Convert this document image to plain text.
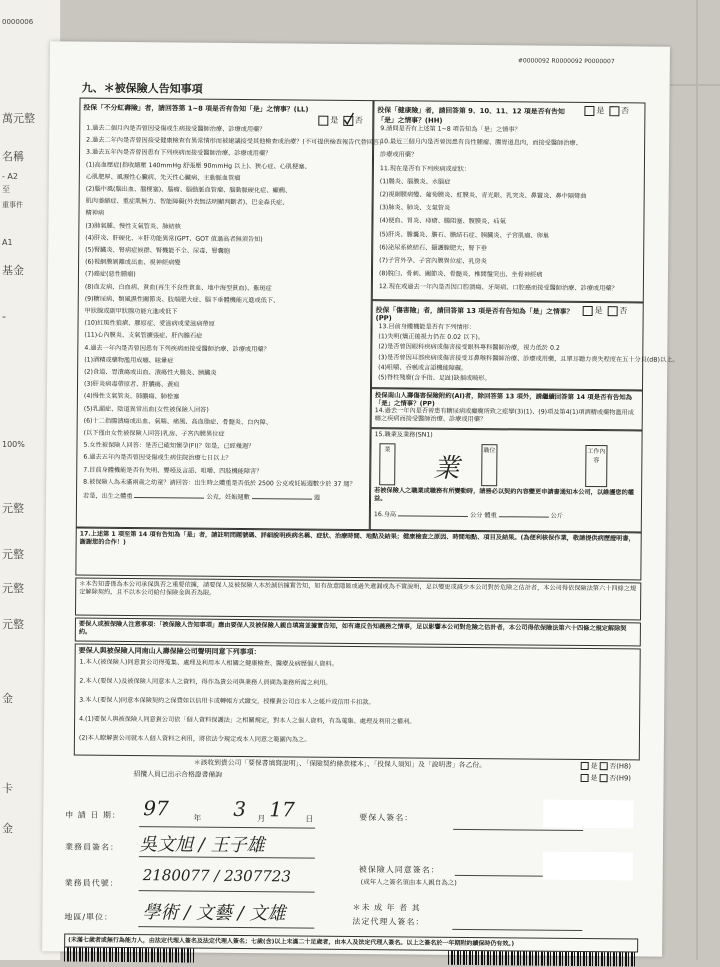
0000006
萬元整
名稱
- A2
至
重事件
A1
基金
-
元整
元整
100%
元整
元整
金
卡
金
#0000092 R0000092 P0000007
九、＊被保險人告知事項
投保「不分紅壽險」者，請回答第 1~8 項是否有告知「是」之情事？(LL)
是 否
1.過去二個月內是否曾因受傷或生病接受醫師治療、診療或用藥？
2.過去二年內是否曾因接受健康檢查有異常情形而被建議接受其他檢查或治療？(不可提供檢查報告代替回答)
3.過去五年內是否曾因患有下列疾病而接受醫師治療、診療或用藥？
(1)高血壓症(指收縮壓 140mmHg 舒張壓 90mmHg 以上)、狹心症、心肌梗塞、
心肌肥厚、風濕性心臟病、先天性心臟病、主動脈血管瘤
(2)腦中風(腦出血、腦梗塞)、腦瘤、腦動脈血管瘤、腦動脈硬化症、癲癇、
肌肉萎縮症、重症肌無力、智能障礙(外表無法明顯判斷者)、巴金森氏症、
精神病
(3)肺氣腫、慢性支氣管炎、肺結核
(4)肝炎、肝硬化、＊肝功能異常(GPT、GOT 值過高者無須告知)
(5)腎臟炎、腎病症候群、腎機能不全、尿毒、腎囊胞
(6)視網膜剝離或出血、視神經病變
(7)癌症(惡性腫瘤)
(8)血友病、白血病、貧血(再生不良性貧血、地中海型貧血)、紫斑症
(9)糖尿病、類風濕性關節炎、肢端肥大症、腦下垂體機能亢進或低下、
甲狀腺或副甲狀腺功能亢進或低下
(10)紅斑性狼瘡、膠原症、愛滋病或愛滋病帶原
(11)心內膜炎、支氣管擴張症、肝內膽石症
4.過去一年內是否曾因患有下列疾病而接受醫師治療、診療或用藥？
(1)酒精或藥物濫用成癮、眩暈症
(2)食道、胃潰瘍或出血、潰瘍性大腸炎、胰臟炎
(3)肝炎病毒帶原者、肝膿瘍、黃疸
(4)慢性支氣管炎、肺膿瘍、肺栓塞
(5)乳漏症、陰道異常出血(女性被保險人回答)
(6)十二指腸潰瘍或出血、氣喘、痛風、高血脂症、骨髓炎、白內障、
(以下僅由女性被保險人回答)乳房、子宮內膜異位症
5.女性被保險人回答：是否已確知懷孕(FI)？如是，已經幾週？
6.過去五年內是否曾因受傷或生病住院治療七日以上？
7.目前身體機能是否有失明、聾啞及言語、咀嚼、四肢機能障害？
8.被保險人為未滿兩歲之幼童？請回答：出生時之體重是否低於 2500 公克或妊娠週數少於 37 週？
若是，出生之體重	公克，妊娠週數	週
投保「健康險」者，請回答第 9、10、11、12 項是否有告知「是」之情事？(HH)
是 否
9.請問是否有上述第 1~8 項告知為「是」之情事？
10.最近三個月內是否曾因患有良性腫瘤、腸胃道息肉，而接受醫師治療、
診療或用藥？
11.現在是否有下列疾病或症狀：
(1)腸炎、腦膜炎、水腦症
(2)視網膜病變、葡萄膜炎、虹膜炎、青光眼、乳突炎、鼻竇炎、鼻中隔彎曲
(3)肺炎、肺炎、支氣管炎
(4)便血、胃炎、痔瘡、腸阻塞、腹膜炎、疝氣
(5)肝炎、膽囊炎、膽石、膽結石症、胰臟炎、子宮肌瘤、卵巢
(6)泌尿系統結石、攝護腺肥大、腎下垂
(7)子宮外孕、子宮內膜異位症、乳房炎
(8)脫臼、骨刺、關節炎、骨髓炎、椎間盤突出、坐骨神經痛
12.現在或過去一年內是否因口腔潰瘍、牙周病、口腔癌而接受醫師治療、診療或用藥？
投保「傷害險」者，請回答第 13 項是否有告知為「是」之情事？(PP)
是 否
13.目前身體機能是否有下列情形：
(1)失明(矯正後視力仍在 0.02 以下)。
(2)是否曾因眼科疾病或傷害接受眼科專科醫師治療，視力低於 0.2
(3)是否曾因耳部疾病或傷害接受耳鼻喉科醫師治療、診療或用藥，且單耳聽力喪失程度在五十分貝(dB)以上。
(4)咀嚼、吞嚥或言語機能障礙。
(5)脊柱殘廢(含手指、足趾)缺損或畸形。
投保南山人壽傷害保險附約(AI)者，除回答第 13 項外，請繼續回答第 14 項是否有告知為「是」之情事？(PP)
14.過去一年內是否曾患有糖尿病或癲癇所致之痙攣(3)(1)、(9)項及第4(1)項酒精或藥物濫用成癮之疾病而接受醫師治療、診療或用藥？
15.職業及業務(SN1)
業
業
職位	工作內容
若被保險人之職業或職務有所變動時，請務必以契約內容變更申請書通知本公司，以維護您的權益。
16.身高	公分 體重	公斤
17.上述第 1 項至第 14 項有告知為「是」者，請註明問題號碼、詳細說明疾病名稱、症狀、治療時間、地點及結果；健康檢查之原因、時間地點、項目及結果。(為便利核保作業，敬請提供病歷證明書，謝謝您的合作！)
＊本告知書係為本公司承保與否之重要依據，請要保人及被保險人本於誠信據實告知，如有故意隱匿或過失遺漏或為不實說明，足以變更或減少本公司對於危險之估計者，本公司得依保險法第六十四條之規定解除契約，且不以本公司給付保險金與否為限。
要保人或被保險人注意事項：「被保險人告知事項」應由要保人及被保險人親自填寫並據實告知，如有違反告知義務之情事，足以影響本公司對危險之估計者，本公司得依保險法第六十四條之規定解除契約。
要保人與被保險人同南山人壽保險公司聲明同意下列事項：
1.本人(被保險人)同意貴公司得蒐集、處理及利用本人相關之健康檢查、醫療及病歷個人資料。
2.本人(要保人)及被保險人同意本人之資料，得作為貴公司與業務人員間為業務所需之利用。
3.本人(要保人)同意本保險契約之保費如以信用卡或轉帳方式繳交，授權貴公司自本人之帳戶或信用卡扣款。
4.(1)要保人與被保險人同意貴公司依「個人資料保護法」之相關規定，對本人之個人資料，有為蒐集、處理及利用之權利。
(2)本人瞭解貴公司就本人個人資料之利用，將依法令規定或本人同意之範圍內為之。
＊該收到貴公司「要保書填寫說明」、「保險契約條款樣本」、「投保人須知」及「說明書」各乙份。	是 否(H8)
招攬人員已出示合格證書備詢	是 否(H9)
申 請 日 期： 97	年 3 月 17 日
業務員簽名： 吳文旭 / 王子雄
業務員代號： 2180077 / 2307723
地區/單位： 學術 / 文藝 / 文雄
要保人簽名：
被保險人同意簽名：
(成年人之簽名須由本人親自為之)
＊未 成 年 者 其
法定代理人簽名：
(未滿七歲者或無行為能力人，由法定代理人簽名及法定代理人簽名；七歲(含)以上未滿二十足歲者，由本人及法定代理人簽名。以上之簽名於一年期附約續保時仍有效。)
